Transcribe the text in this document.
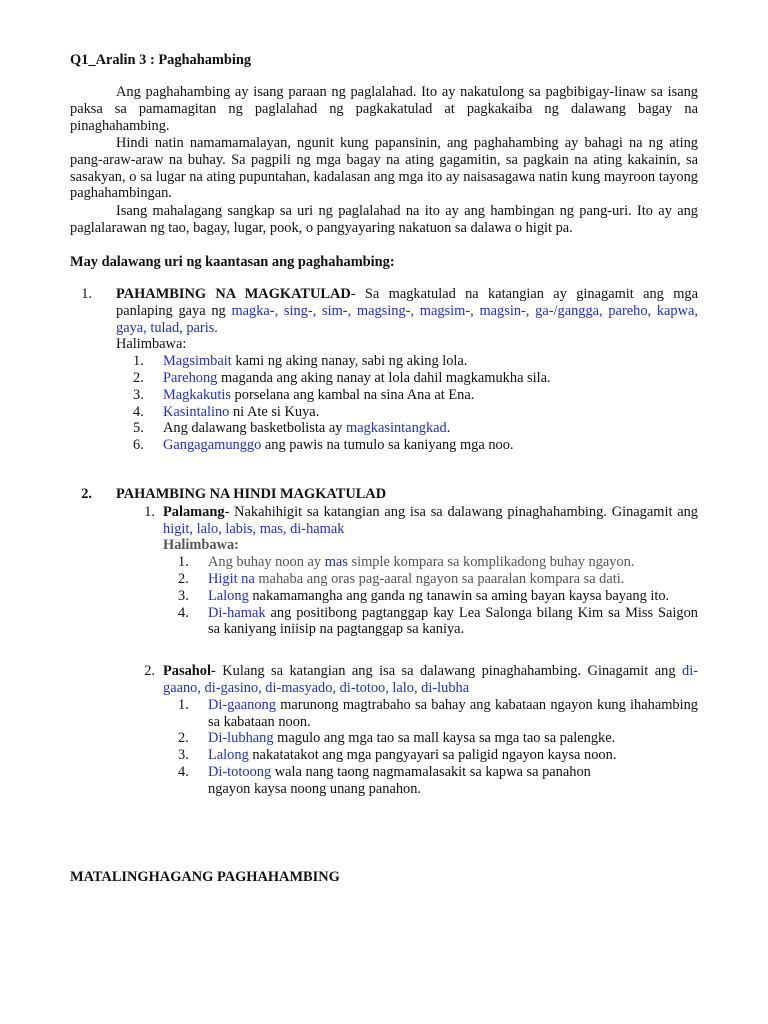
Q1_Aralin 3 : Paghahambing
Ang paghahambing ay isang paraan ng paglalahad. Ito ay nakatulong sa pagbibigay-linaw sa isang paksa sa pamamagitan ng paglalahad ng pagkakatulad at pagkakaiba ng dalawang bagay na pinaghahambing.
Hindi natin namamamalayan, ngunit kung papansinin, ang paghahambing ay bahagi na ng ating pang-araw-araw na buhay. Sa pagpili ng mga bagay na ating gagamitin, sa pagkain na ating kakainin, sa sasakyan, o sa lugar na ating pupuntahan, kadalasan ang mga ito ay naisasagawa natin kung mayroon tayong paghahambingan.
Isang mahalagang sangkap sa uri ng paglalahad na ito ay ang hambingan ng pang-uri. Ito ay ang paglalarawan ng tao, bagay, lugar, pook, o pangyayaring nakatuon sa dalawa o higit pa.
May dalawang uri ng kaantasan ang paghahambing:
1. PAHAMBING NA MAGKATULAD- Sa magkatulad na katangian ay ginagamit ang mga panlaping gaya ng magka-, sing-, sim-, magsing-, magsim-, magsin-, ga-/gangga, pareho, kapwa, gaya, tulad, paris.
Halimbawa:
1.	Magsimbait kami ng aking nanay, sabi ng aking lola.
2.	Parehong maganda ang aking nanay at lola dahil magkamukha sila.
3.	Magkakutis porselana ang kambal na sina Ana at Ena.
4.	Kasintalino ni Ate si Kuya.
5.	Ang dalawang basketbolista ay magkasintangkad.
6.	Gangagamunggo ang pawis na tumulo sa kaniyang mga noo.
2. PAHAMBING NA HINDI MAGKATULAD
1. Palamang- Nakahihigit sa katangian ang isa sa dalawang pinaghahambing. Ginagamit ang higit, lalo, labis, mas, di-hamak
Halimbawa:
1.	Ang buhay noon ay mas simple kompara sa komplikadong buhay ngayon.
2.	Higit na mahaba ang oras pag-aaral ngayon sa paaralan kompara sa dati.
3.	Lalong nakamamangha ang ganda ng tanawin sa aming bayan kaysa bayang ito.
4.	Di-hamak ang positibong pagtanggap kay Lea Salonga bilang Kim sa Miss Saigon sa kaniyang iniisip na pagtanggap sa kaniya.
2. Pasahol- Kulang sa katangian ang isa sa dalawang pinaghahambing. Ginagamit ang di-gaano, di-gasino, di-masyado, di-totoo, lalo, di-lubha
1.	Di-gaanong marunong magtrabaho sa bahay ang kabataan ngayon kung ihahambing sa kabataan noon.
2.	Di-lubhang magulo ang mga tao sa mall kaysa sa mga tao sa palengke.
3.	Lalong nakatatakot ang mga pangyayari sa paligid ngayon kaysa noon.
4.	Di-totoong wala nang taong nagmamalasakit sa kapwa sa panahon
ngayon kaysa noong unang panahon.
MATALINGHAGANG PAGHAHAMBING
